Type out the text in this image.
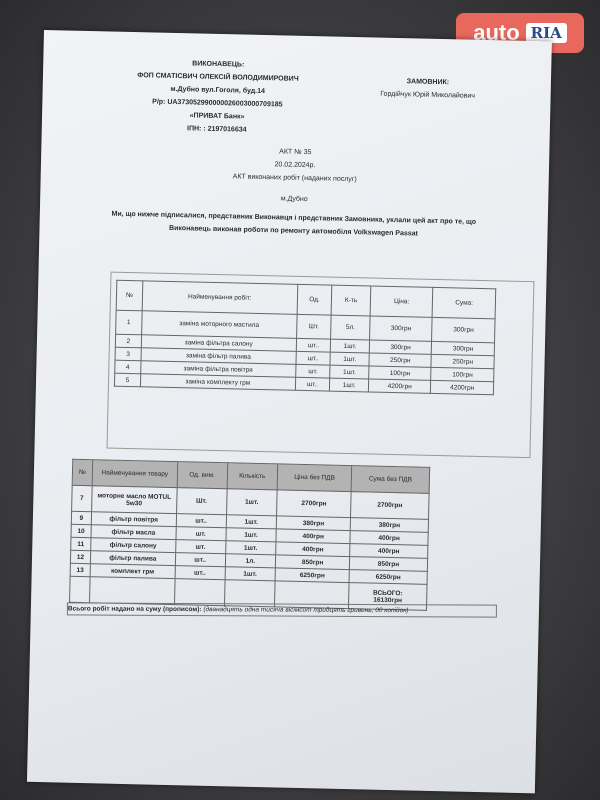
auto RIA
ВИКОНАВЕЦЬ:
ФОП СМАТІСВИЧ ОЛЕКСІЙ ВОЛОДИМИРОВИЧ
м.Дубно вул.Гоголя, буд.14
Р/р: UA373052990000026003000709185
«ПРИВАТ Банк»
ІПН: : 2197016634
ЗАМОВНИК:
Гордійчук Юрій Миколайович
АКТ № 35
20.02.2024р.
АКТ виконаних робіт (наданих послуг)
м.Дубно
Ми, що нижче підписалися, представник Виконавця і представник Замовника, уклали цей акт про те, що
Виконавець виконав роботи по ремонту автомобіля Volkswagen Passat
№	Найменування робіт:	Од.	К-ть	Ціна:	Сума:
1	заміна моторного мастила	Шт.	5л.	300грн	300грн
2	заміна фільтра салону	шт..	1шт.	300грн	300грн
3	заміна фільтр палива	шт..	1шт.	250грн	250грн
4	заміна фільтра повітря	шт.	1шт.	100грн	100грн
5	заміна комплекту грм	шт..	1шт.	4200грн	4200грн
№	Найменування товару	Од. вим.	Кількість	Ціна без ПДВ	Сума без ПДВ
7	моторне масло MOTUL 5w30	Шт.	1шт.	2700грн	2700грн
9	фільтр повітря	шт..	1шт.	380грн	380грн
10	фільтр масла	шт.	1шт.	400грн	400грн
11	фільтр салону	шт.	1шт.	400грн	400грн
12	фільтр палива	шт..	1л.	850грн	850грн
13	комплект грм	шт..	1шт.	6250грн	6250грн

					ВСЬОГО:
16130грн
Всього робіт надано на суму (прописом): (дванадцять одна тисяча вісімсот тридцять гривень, 00 копійок)
